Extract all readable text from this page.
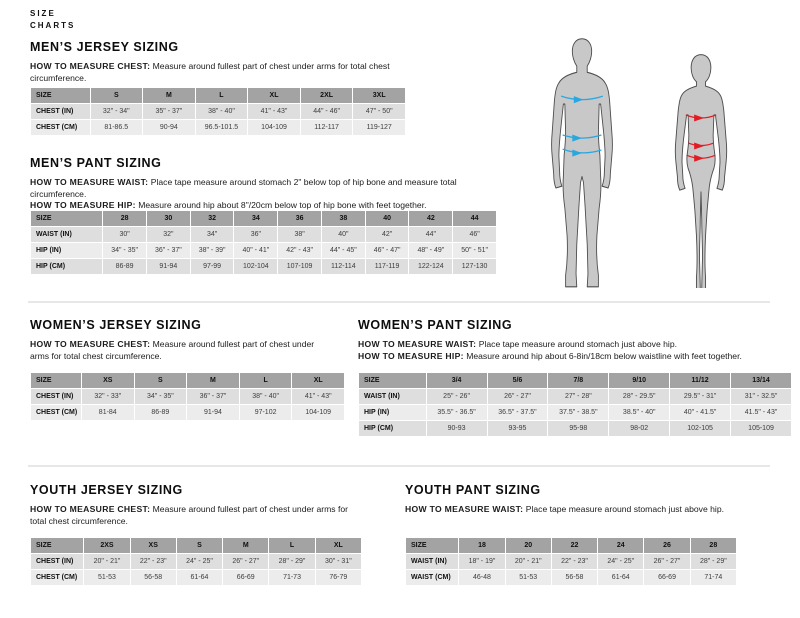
SIZE
CHARTS
MEN’S JERSEY SIZING

HOW TO MEASURE CHEST: Measure around fullest part of chest under arms for total chest circumference.

SIZE	S	M	L	XL	2XL	3XL
CHEST (IN)	32" - 34"	35" - 37"	38" - 40"	41" - 43"	44" - 46"	47" - 50"
CHEST (CM)	81-86.5	90-94	96.5-101.5	104-109	112-117	119-127
MEN’S PANT SIZING

HOW TO MEASURE WAIST: Place tape measure around stomach 2" below top of hip bone and measure total circumference.
HOW TO MEASURE HIP: Measure around hip about 8"/20cm below top of hip bone with feet together.

SIZE	28	30	32	34	36	38	40	42	44
WAIST (IN)	30"	32"	34"	36"	38"	40"	42"	44"	46"
HIP (IN)	34" - 35"	36" - 37"	38" - 39"	40" - 41"	42" - 43"	44" - 45"	46" - 47"	48" - 49"	50" - 51"
HIP (CM)	86-89	91-94	97-99	102-104	107-109	112-114	117-119	122-124	127-130
WOMEN’S JERSEY SIZING

HOW TO MEASURE CHEST: Measure around fullest part of chest under arms for total chest circumference.

SIZE	XS	S	M	L	XL
CHEST (IN)	32" - 33"	34" - 35"	36" - 37"	38" - 40"	41" - 43"
CHEST (CM)	81-84	86-89	91-94	97-102	104-109
WOMEN’S PANT SIZING

HOW TO MEASURE WAIST: Place tape measure around stomach just above hip.
HOW TO MEASURE HIP: Measure around hip about 6-8in/18cm below waistline with feet together.

SIZE	3/4	5/6	7/8	9/10	11/12	13/14
WAIST (IN)	25" - 26"	26" - 27"	27" - 28"	28" - 29.5"	29.5" - 31"	31" - 32.5"
HIP (IN)	35.5" - 36.5"	36.5" - 37.5"	37.5" - 38.5"	38.5" - 40"	40" - 41.5"	41.5" - 43"
HIP (CM)	90-93	93-95	95-98	98-02	102-105	105-109
YOUTH JERSEY SIZING

HOW TO MEASURE CHEST: Measure around fullest part of chest under arms for total chest circumference.

SIZE	2XS	XS	S	M	L	XL
CHEST (IN)	20" - 21"	22" - 23"	24" - 25"	26" - 27"	28" - 29"	30" - 31"
CHEST (CM)	51-53	56-58	61-64	66-69	71-73	76-79
YOUTH PANT SIZING

HOW TO MEASURE WAIST: Place tape measure around stomach just above hip.

SIZE	18	20	22	24	26	28
WAIST (IN)	18" - 19"	20" - 21"	22" - 23"	24" - 25"	26" - 27"	28" - 29"
WAIST (CM)	46-48	51-53	56-58	61-64	66-69	71-74
